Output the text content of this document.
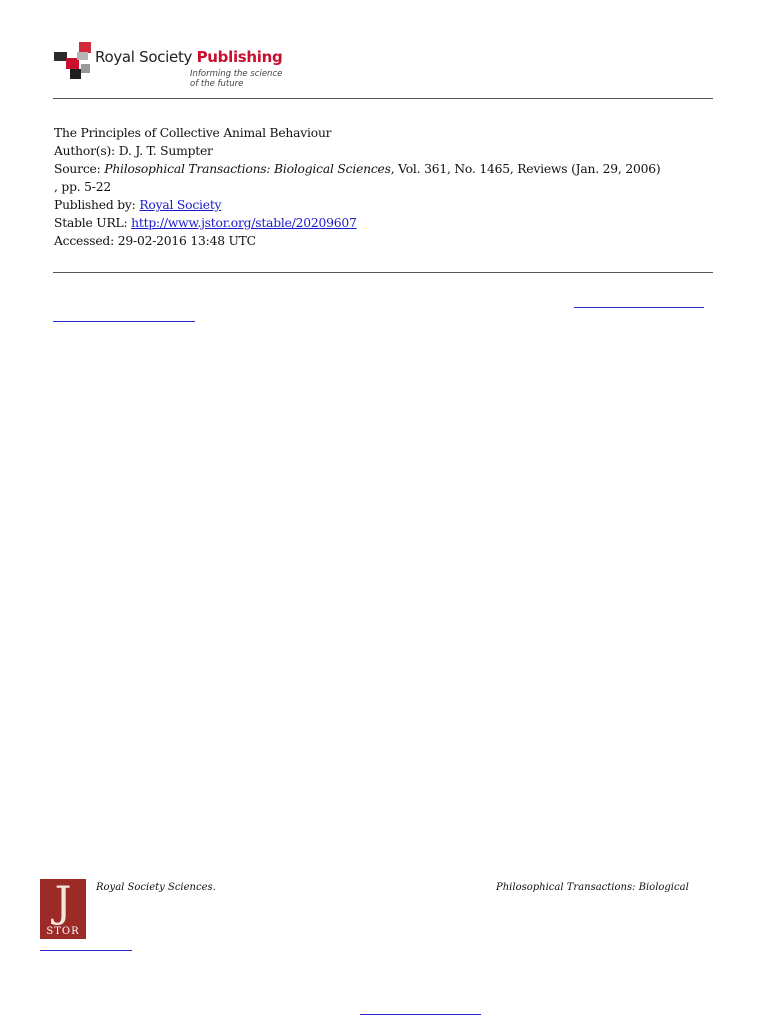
Royal Society Publishing
Informing the science of the future
The Principles of Collective Animal Behaviour
Author(s): D. J. T. Sumpter
Source: Philosophical Transactions: Biological Sciences, Vol. 361, No. 1465, Reviews (Jan. 29, 2006)
, pp. 5-22
Published by: Royal Society
Stable URL: http://www.jstor.org/stable/20209607
Accessed: 29-02-2016 13:48 UTC
J
STOR
Royal Society Sciences.	Philosophical Transactions: Biological
